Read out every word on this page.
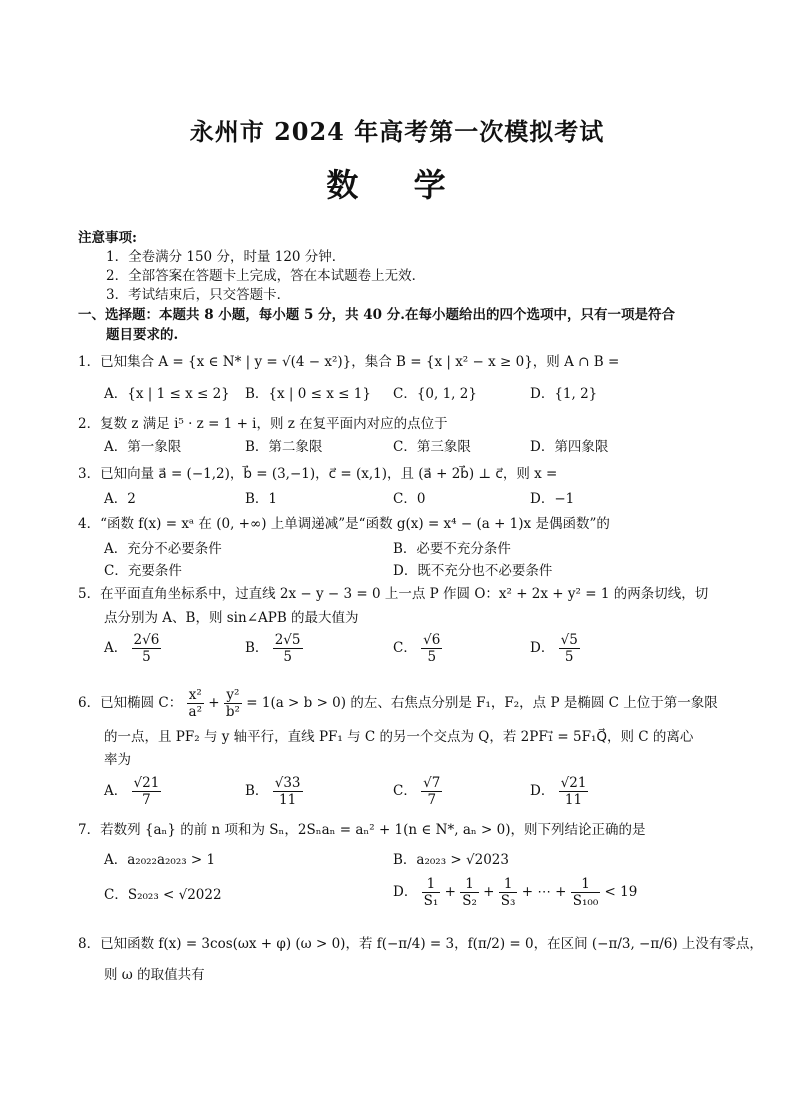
永州市 2024 年高考第一次模拟考试
数 学
注意事项:
1．全卷满分 150 分，时量 120 分钟．
2．全部答案在答题卡上完成，答在本试题卷上无效．
3．考试结束后，只交答题卡．
一、选择题：本题共 8 小题，每小题 5 分，共 40 分.在每小题给出的四个选项中，只有一项是符合
题目要求的.
1．已知集合 A = {x ∈ N* | y = √(4 − x²)}，集合 B = {x | x² − x ≥ 0}，则 A ∩ B =
A．{x | 1 ≤ x ≤ 2} B．{x | 0 ≤ x ≤ 1} C．{0, 1, 2}	D．{1, 2}
2．复数 z 满足 i⁵ · z = 1 + i，则 z 在复平面内对应的点位于
A．第一象限	B．第二象限	C．第三象限	D．第四象限
3．已知向量 a⃗ = (−1,2)，b⃗ = (3,−1)，c⃗ = (x,1)，且 (a⃗ + 2b⃗) ⊥ c⃗，则 x =
A．2	B．1	C．0	D．−1
4．“函数 f(x) = xᵃ 在 (0, +∞) 上单调递减”是“函数 g(x) = x⁴ − (a + 1)x 是偶函数”的
A．充分不必要条件	B．必要不充分条件
C．充要条件	D．既不充分也不必要条件
5．在平面直角坐标系中，过直线 2x − y − 3 = 0 上一点 P 作圆 O：x² + 2x + y² = 1 的两条切线，切
点分别为 A、B，则 sin∠APB 的最大值为
A． $\frac{2√6}{5}$	B． $\frac{2√5}{5}$	C． $\frac{√6}{5}$	D． $\frac{√5}{5}$
6．已知椭圆 C： $\frac{\text{x²}}{\text{a²}} + \frac{\text{y²}}{\text{b²}} = 1(a > b > 0)$ 的左、右焦点分别是 F₁，F₂，点 P 是椭圆 C 上位于第一象限
的一点，且 PF₂ 与 y 轴平行，直线 PF₁ 与 C 的另一个交点为 Q，若 2PF₁⃗ = 5F₁Q⃗，则 C 的离心
率为
A． $\frac{√21}{7}$	B． $\frac{√33}{11}$	C． $\frac{√7}{7}$	D． $\frac{√21}{11}$
7．若数列 {aₙ} 的前 n 项和为 Sₙ，2Sₙaₙ = aₙ² + 1(n ∈ N*, aₙ > 0)，则下列结论正确的是
A．a₂₀₂₂a₂₀₂₃ > 1	B．a₂₀₂₃ > √2023
C．S₂₀₂₃ < √2022	D． $\frac{1}{\text{S₁}} + \frac{1}{\text{S₂}} + \frac{1}{\text{S₃}}$ + ⋯ + $\frac{1}{\text{S₁₀₀}} < 19$
8．已知函数 f(x) = 3cos(ωx + φ) (ω > 0)，若 f(−π/4) = 3，f(π/2) = 0，在区间 (−π/3, −π/6) 上没有零点，
则 ω 的取值共有
